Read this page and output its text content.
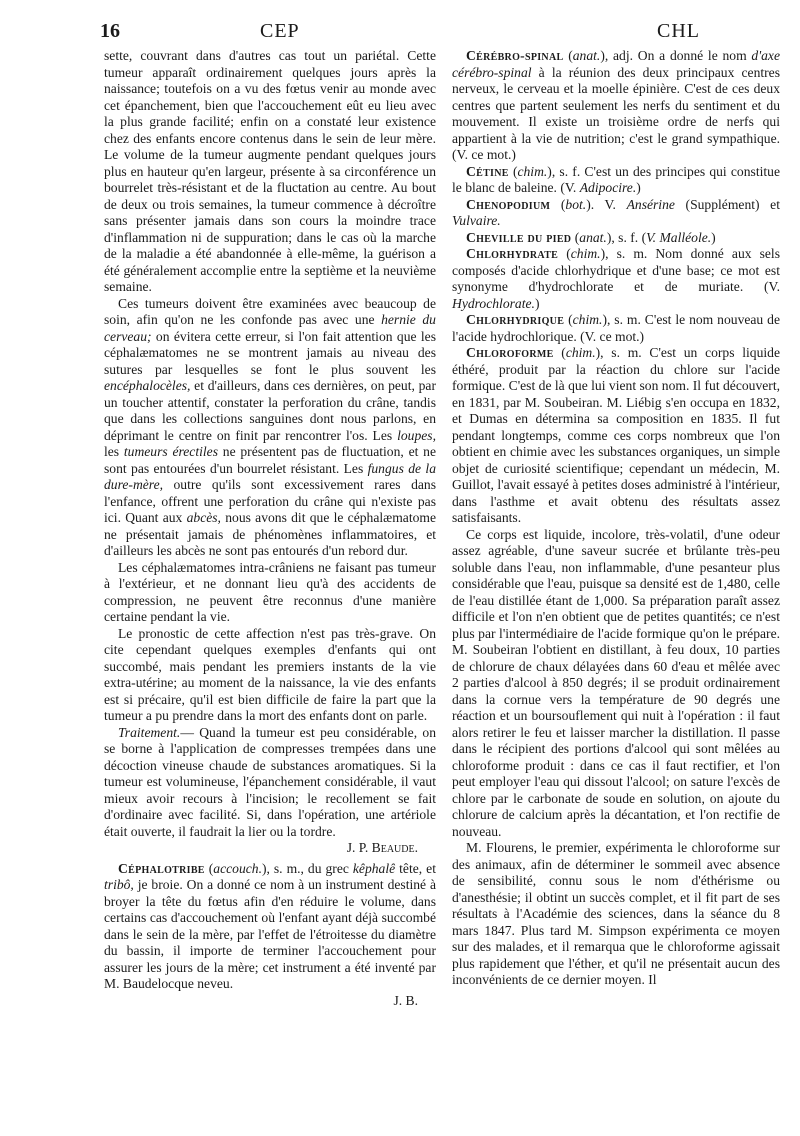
16	CEP	CHL

sette, couvrant dans d'autres cas tout un pariétal. Cette tumeur apparaît ordinairement quelques jours après la naissance; toutefois on a vu des fœtus venir au monde avec cet épanchement, bien que l'accouchement eût eu lieu avec la plus grande facilité; enfin on a constaté leur existence chez des enfants encore contenus dans le sein de leur mère. Le volume de la tumeur augmente pendant quelques jours plus en hauteur qu'en largeur, présente à sa circonférence un bourrelet très-résistant et de la fluctation au centre. Au bout de deux ou trois semaines, la tumeur commence à décroître sans présenter jamais dans son cours la moindre trace d'inflammation ni de suppuration; dans le cas où la marche de la maladie a été abandonnée à elle-même, la guérison a été généralement accomplie entre la septième et la neuvième semaine.

Ces tumeurs doivent être examinées avec beaucoup de soin, afin qu'on ne les confonde pas avec une hernie du cerveau; on évitera cette erreur, si l'on fait attention que les céphalæmatomes ne se montrent jamais au niveau des sutures par lesquelles se font le plus souvent les encéphalocèles, et d'ailleurs, dans ces dernières, on peut, par un toucher attentif, constater la perforation du crâne, tandis que dans les collections sanguines dont nous parlons, en déprimant le centre on finit par rencontrer l'os. Les loupes, les tumeurs érectiles ne présentent pas de fluctuation, et ne sont pas entourées d'un bourrelet résistant. Les fungus de la dure-mère, outre qu'ils sont excessivement rares dans l'enfance, offrent une perforation du crâne qui n'existe pas ici. Quant aux abcès, nous avons dit que le céphalæmatome ne présentait jamais de phénomènes inflammatoires, et d'ailleurs les abcès ne sont pas entourés d'un rebord dur.

Les céphalæmatomes intra-crâniens ne faisant pas tumeur à l'extérieur, et ne donnant lieu qu'à des accidents de compression, ne peuvent être reconnus d'une manière certaine pendant la vie.

Le pronostic de cette affection n'est pas très-grave. On cite cependant quelques exemples d'enfants qui ont succombé, mais pendant les premiers instants de la vie extra-utérine; au moment de la naissance, la vie des enfants est si précaire, qu'il est bien difficile de faire la part que la tumeur a pu prendre dans la mort des enfants dont on parle.

Traitement.— Quand la tumeur est peu considérable, on se borne à l'application de compresses trempées dans une décoction vineuse chaude de substances aromatiques. Si la tumeur est volumineuse, l'épanchement considérable, il vaut mieux avoir recours à l'incision; le recollement se fait d'ordinaire avec facilité. Si, dans l'opération, une artériole était ouverte, il faudrait la lier ou la tordre.
J. P. Beaude.

Céphalotribe (accouch.), s. m., du grec kêphalê tête, et tribô, je broie. On a donné ce nom à un instrument destiné à broyer la tête du fœtus afin d'en réduire le volume, dans certains cas d'accouchement où l'enfant ayant déjà succombé dans le sein de la mère, par l'effet de l'étroitesse du diamètre du bassin, il importe de terminer l'accouchement pour assurer les jours de la mère; cet instrument a été inventé par M. Baudelocque neveu.
J. B.

Cérébro-spinal (anat.), adj. On a donné le nom d'axe cérébro-spinal à la réunion des deux principaux centres nerveux, le cerveau et la moelle épinière. C'est de ces deux centres que partent seulement les nerfs du sentiment et du mouvement. Il existe un troisième ordre de nerfs qui appartient à la vie de nutrition; c'est le grand sympathique. (V. ce mot.)

Cétine (chim.), s. f. C'est un des principes qui constitue le blanc de baleine. (V. Adipocire.)

Chenopodium (bot.). V. Ansérine (Supplément) et Vulvaire.

Cheville du pied (anat.), s. f. (V. Malléole.)

Chlorhydrate (chim.), s. m. Nom donné aux sels composés d'acide chlorhydrique et d'une base; ce mot est synonyme d'hydrochlorate et de muriate. (V. Hydrochlorate.)

Chlorhydrique (chim.), s. m. C'est le nom nouveau de l'acide hydrochlorique. (V. ce mot.)

Chloroforme (chim.), s. m. C'est un corps liquide éthéré, produit par la réaction du chlore sur l'acide formique. C'est de là que lui vient son nom. Il fut découvert, en 1831, par M. Soubeiran. M. Liébig s'en occupa en 1832, et Dumas en détermina sa composition en 1835. Il fut pendant longtemps, comme ces corps nombreux que l'on obtient en chimie avec les substances organiques, un simple objet de curiosité scientifique; cependant un médecin, M. Guillot, l'avait essayé à petites doses administré à l'intérieur, dans l'asthme et avait obtenu des résultats assez satisfaisants.

Ce corps est liquide, incolore, très-volatil, d'une odeur assez agréable, d'une saveur sucrée et brûlante très-peu soluble dans l'eau, non inflammable, d'une pesanteur plus considérable que l'eau, puisque sa densité est de 1,480, celle de l'eau distillée étant de 1,000. Sa préparation paraît assez difficile et l'on n'en obtient que de petites quantités; ce n'est plus par l'intermédiaire de l'acide formique qu'on le prépare. M. Soubeiran l'obtient en distillant, à feu doux, 10 parties de chlorure de chaux délayées dans 60 d'eau et mêlée avec 2 parties d'alcool à 850 degrés; il se produit ordinairement dans la cornue vers la température de 90 degrés une réaction et un boursouflement qui nuit à l'opération : il faut alors retirer le feu et laisser marcher la distillation. Il passe dans le récipient des portions d'alcool qui sont mêlées au chloroforme produit : dans ce cas il faut rectifier, et l'on peut employer l'eau qui dissout l'alcool; on sature l'excès de chlore par le carbonate de soude en solution, on ajoute du chlorure de calcium après la décantation, et l'on rectifie de nouveau.

M. Flourens, le premier, expérimenta le chloroforme sur des animaux, afin de déterminer le sommeil avec absence de sensibilité, connu sous le nom d'éthérisme ou d'anesthésie; il obtint un succès complet, et il fit part de ses résultats à l'Académie des sciences, dans la séance du 8 mars 1847. Plus tard M. Simpson expérimenta ce moyen sur des malades, et il remarqua que le chloroforme agissait plus rapidement que l'éther, et qu'il ne présentait aucun des inconvénients de ce dernier moyen. Il
